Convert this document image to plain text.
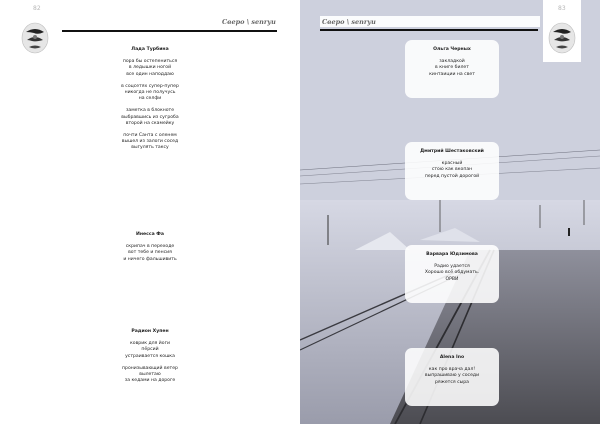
82
Свеpo \ senryu
Лада Турбина
пора бы остепениться
в ледышки ногой
все один наподдаю
в соцсетях супер-пупер
никогда не получусь
на селфи
заметка в блокноте
выбравшись из сугроба
второй на скамейку
почти Санта с оленем
вышел из залоги сосед
выгулять таксу
Инесса Фа
скрипач в переходе
вот тебе и пенсия
и ничего фальшивить
Радион Хупен
коврик для йоги
пёрсий
устраивается кошка
пронизывающий ветер
вылетаю
за кедами на дороге
83
Свеpo \ senryu
Ольга Черных
закладкой
в книге билет
кинтаиции на свет
Дмитрий Шестаковский
красный
стою как вкопан
перед пустой дорогой
Варвара Юдзимова
Радио удается
Хорошо всё обдумать.
ОРВИ
Alena Ino
как про врача дал!
выпрашиваю у соседи
ряжется сыра
